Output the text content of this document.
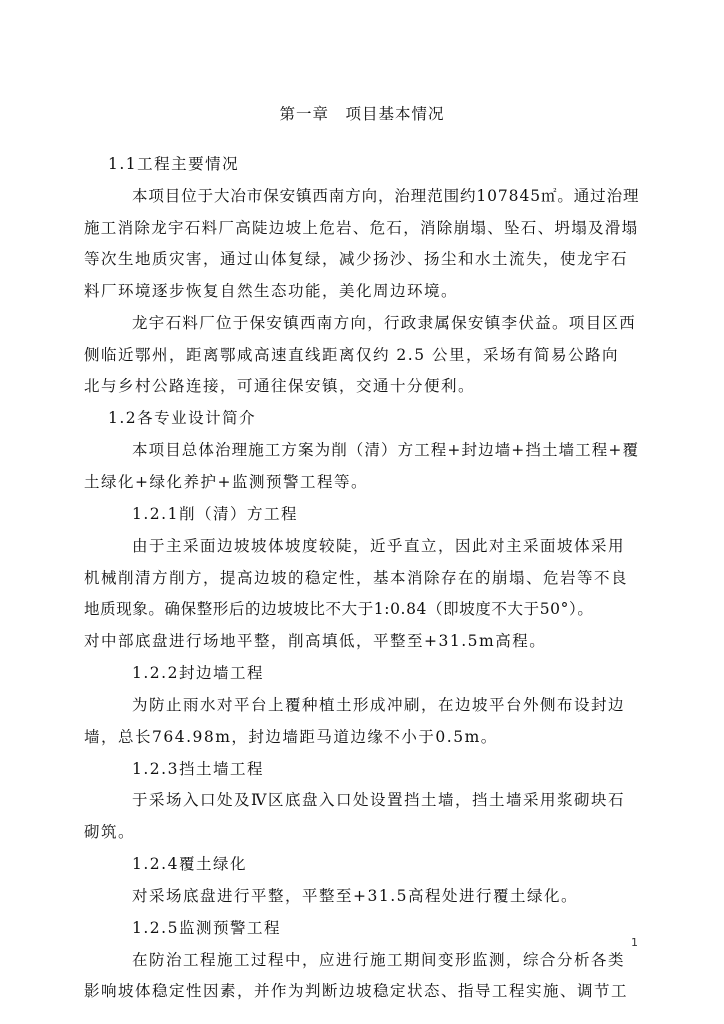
第一章　项目基本情况
1.1工程主要情况
本项目位于大冶市保安镇西南方向，治理范围约107845㎡。通过治理
施工消除龙宇石料厂高陡边坡上危岩、危石，消除崩塌、坠石、坍塌及滑塌
等次生地质灾害，通过山体复绿，减少扬沙、扬尘和水土流失，使龙宇石
料厂环境逐步恢复自然生态功能，美化周边环境。
龙宇石料厂位于保安镇西南方向，行政隶属保安镇李伏益。项目区西
侧临近鄂州，距离鄂咸高速直线距离仅约 2.5 公里，采场有简易公路向
北与乡村公路连接，可通往保安镇，交通十分便利。
1.2各专业设计简介
本项目总体治理施工方案为削（清）方工程+封边墙+挡土墙工程+覆
土绿化+绿化养护+监测预警工程等。
1.2.1削（清）方工程
由于主采面边坡坡体坡度较陡，近乎直立，因此对主采面坡体采用
机械削清方削方，提高边坡的稳定性，基本消除存在的崩塌、危岩等不良
地质现象。确保整形后的边坡坡比不大于1:0.84（即坡度不大于50°）。
对中部底盘进行场地平整，削高填低，平整至+31.5m高程。
1.2.2封边墙工程
为防止雨水对平台上覆种植土形成冲刷，在边坡平台外侧布设封边
墙，总长764.98m，封边墙距马道边缘不小于0.5m。
1.2.3挡土墙工程
于采场入口处及Ⅳ区底盘入口处设置挡土墙，挡土墙采用浆砌块石
砌筑。
1.2.4覆土绿化
对采场底盘进行平整，平整至+31.5高程处进行覆土绿化。
1.2.5监测预警工程
在防治工程施工过程中，应进行施工期间变形监测，综合分析各类
影响坡体稳定性因素，并作为判断边坡稳定状态、指导工程实施、调节工
1
